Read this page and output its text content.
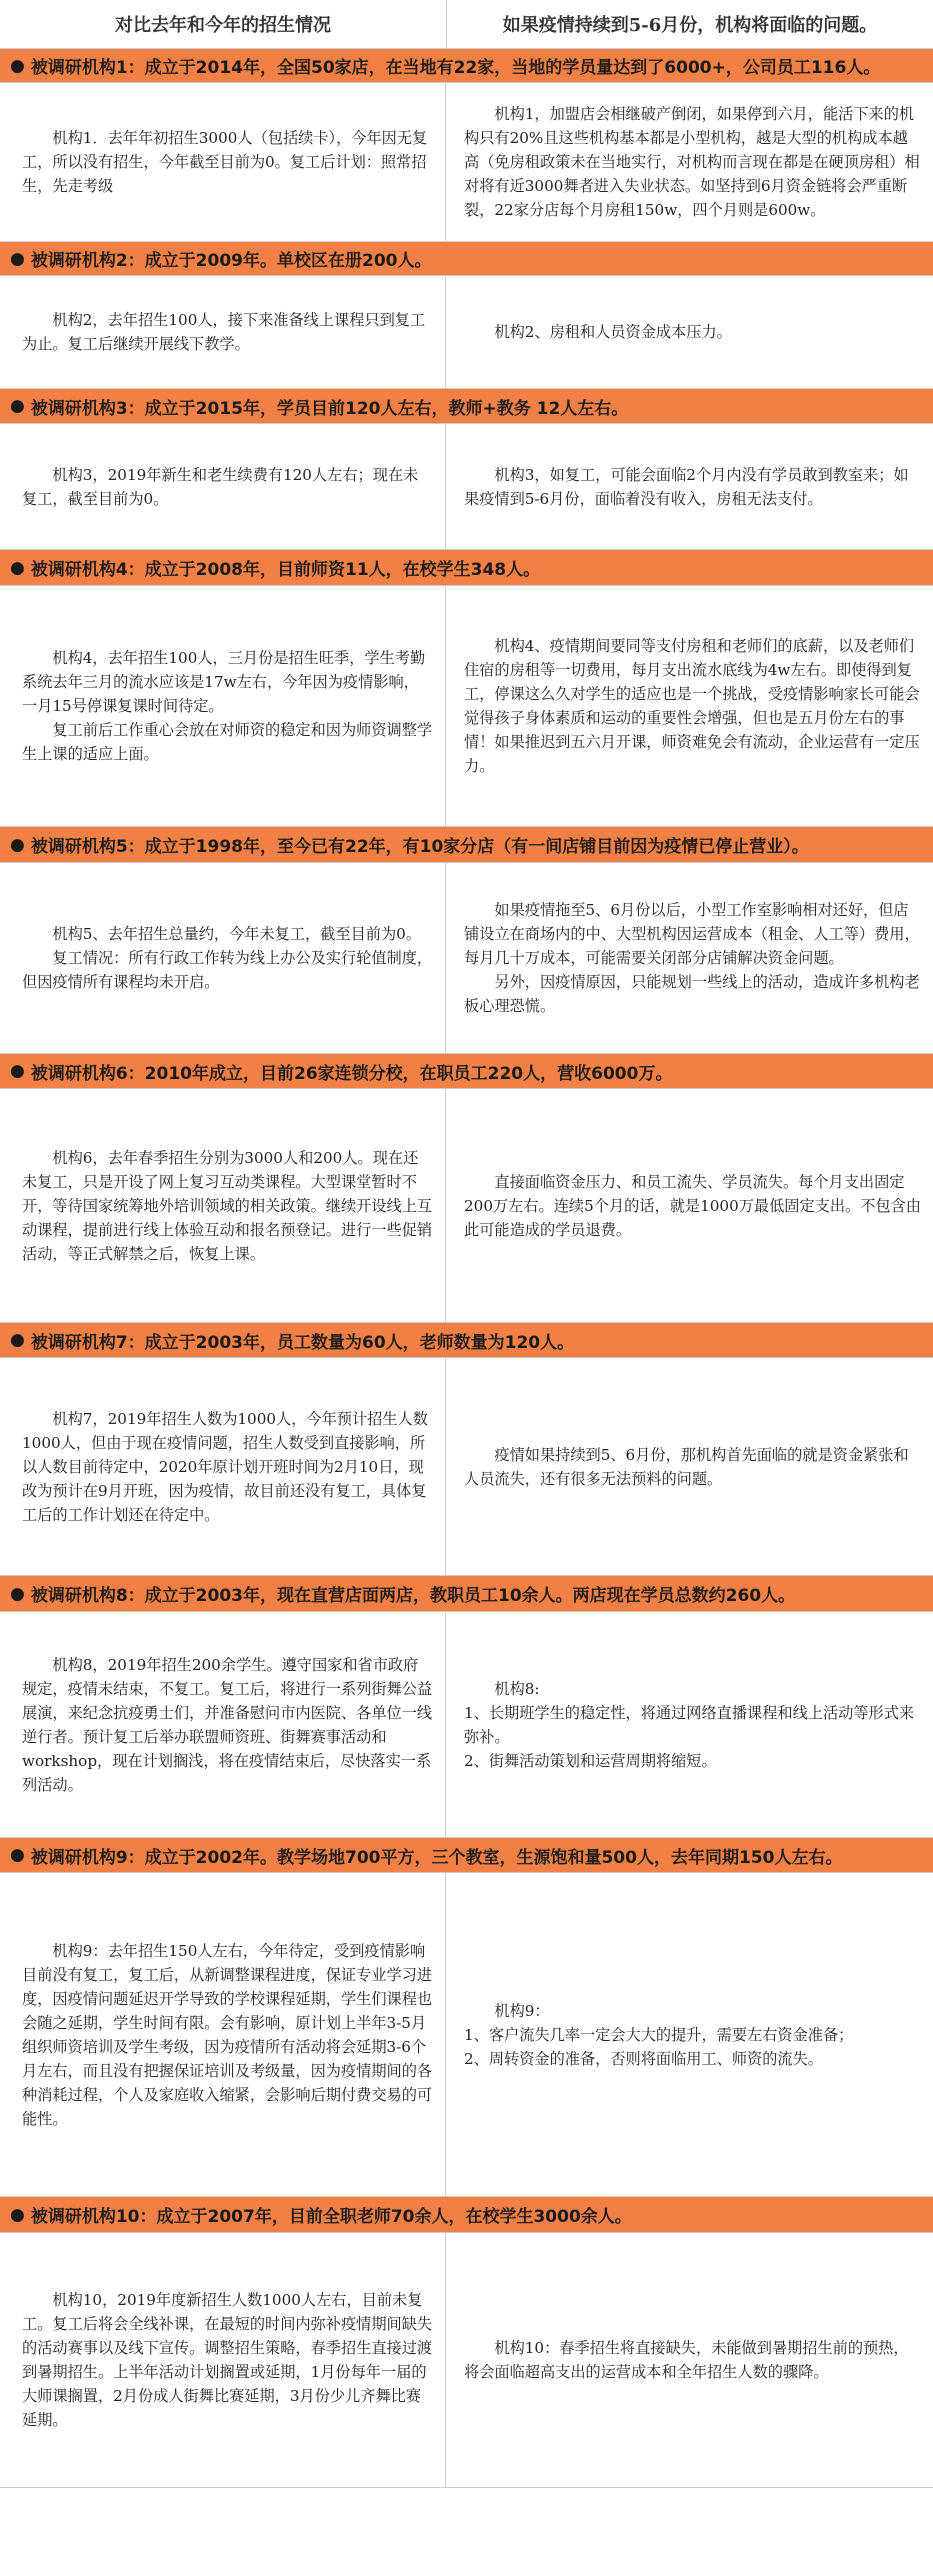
对比去年和今年的招生情况	如果疫情持续到5-6月份，机构将面临的问题。
● 被调研机构1：成立于2014年，全国50家店，在当地有22家，当地的学员量达到了6000+，公司员工116人。

机构1．去年年初招生3000人（包括续卡），今年因无复工，所以没有招生，今年截至目前为0。复工后计划：照常招生，先走考级

机构1，加盟店会相继破产倒闭，如果停到六月，能活下来的机构只有20%且这些机构基本都是小型机构，越是大型的机构成本越高（免房租政策未在当地实行，对机构而言现在都是在硬顶房租）相对将有近3000舞者进入失业状态。如坚持到6月资金链将会严重断裂，22家分店每个月房租150w，四个月则是600w。

● 被调研机构2：成立于2009年。单校区在册200人。

机构2，去年招生100人，接下来准备线上课程只到复工为止。复工后继续开展线下教学。

机构2、房租和人员资金成本压力。

● 被调研机构3：成立于2015年，学员目前120人左右，教师+教务 12人左右。

机构3，2019年新生和老生续费有120人左右；现在未复工，截至目前为0。

机构3，如复工，可能会面临2个月内没有学员敢到教室来；如果疫情到5-6月份，面临着没有收入，房租无法支付。

● 被调研机构4：成立于2008年，目前师资11人，在校学生348人。

机构4，去年招生100人，三月份是招生旺季，学生考勤系统去年三月的流水应该是17w左右，今年因为疫情影响，一月15号停课复课时间待定。

复工前后工作重心会放在对师资的稳定和因为师资调整学生上课的适应上面。

机构4、疫情期间要同等支付房租和老师们的底薪，以及老师们住宿的房租等一切费用，每月支出流水底线为4w左右。即使得到复工，停课这么久对学生的适应也是一个挑战，受疫情影响家长可能会觉得孩子身体素质和运动的重要性会增强，但也是五月份左右的事情！如果推迟到五六月开课，师资难免会有流动，企业运营有一定压力。

● 被调研机构5：成立于1998年，至今已有22年，有10家分店（有一间店铺目前因为疫情已停止营业）。

机构5、去年招生总量约，今年未复工，截至目前为0。

复工情况：所有行政工作转为线上办公及实行轮值制度，但因疫情所有课程均未开启。

如果疫情拖至5、6月份以后，小型工作室影响相对还好，但店铺设立在商场内的中、大型机构因运营成本（租金、人工等）费用，每月几十万成本，可能需要关闭部分店铺解决资金问题。

另外，因疫情原因，只能规划一些线上的活动，造成许多机构老板心理恐慌。

● 被调研机构6：2010年成立，目前26家连锁分校，在职员工220人，营收6000万。

机构6，去年春季招生分别为3000人和200人。现在还未复工，只是开设了网上复习互动类课程。大型课堂暂时不开，等待国家统筹地外培训领域的相关政策。继续开设线上互动课程，提前进行线上体验互动和报名预登记。进行一些促销活动，等正式解禁之后，恢复上课。

直接面临资金压力、和员工流失、学员流失。每个月支出固定200万左右。连续5个月的话，就是1000万最低固定支出。不包含由此可能造成的学员退费。

● 被调研机构7：成立于2003年，员工数量为60人，老师数量为120人。

机构7，2019年招生人数为1000人，今年预计招生人数1000人，但由于现在疫情问题，招生人数受到直接影响，所以人数目前待定中，2020年原计划开班时间为2月10日，现改为预计在9月开班，因为疫情，故目前还没有复工，具体复工后的工作计划还在待定中。

疫情如果持续到5、6月份，那机构首先面临的就是资金紧张和人员流失，还有很多无法预料的问题。

● 被调研机构8：成立于2003年，现在直营店面两店，教职员工10余人。两店现在学员总数约260人。

机构8，2019年招生200余学生。遵守国家和省市政府规定，疫情未结束，不复工。复工后，将进行一系列街舞公益展演，来纪念抗疫勇士们，并准备慰问市内医院、各单位一线逆行者。预计复工后举办联盟师资班、街舞赛事活动和workshop，现在计划搁浅，将在疫情结束后，尽快落实一系列活动。

机构8:

1、长期班学生的稳定性，将通过网络直播课程和线上活动等形式来弥补。

2、街舞活动策划和运营周期将缩短。

● 被调研机构9：成立于2002年。教学场地700平方，三个教室，生源饱和量500人，去年同期150人左右。

机构9：去年招生150人左右，今年待定，受到疫情影响目前没有复工，复工后，从新调整课程进度，保证专业学习进度，因疫情问题延迟开学导致的学校课程延期，学生们课程也会随之延期，学生时间有限。会有影响，原计划上半年3-5月组织师资培训及学生考级，因为疫情所有活动将会延期3-6个月左右，而且没有把握保证培训及考级量，因为疫情期间的各种消耗过程，个人及家庭收入缩紧，会影响后期付费交易的可能性。

机构9：

1、客户流失几率一定会大大的提升，需要左右资金准备；

2、周转资金的准备，否则将面临用工、师资的流失。

● 被调研机构10：成立于2007年，目前全职老师70余人，在校学生3000余人。

机构10，2019年度新招生人数1000人左右，目前未复工。复工后将会全线补课，在最短的时间内弥补疫情期间缺失的活动赛事以及线下宣传。调整招生策略，春季招生直接过渡到暑期招生。上半年活动计划搁置或延期，1月份每年一届的大师课搁置，2月份成人街舞比赛延期，3月份少儿齐舞比赛延期。

机构10：春季招生将直接缺失，未能做到暑期招生前的预热，将会面临超高支出的运营成本和全年招生人数的骤降。
